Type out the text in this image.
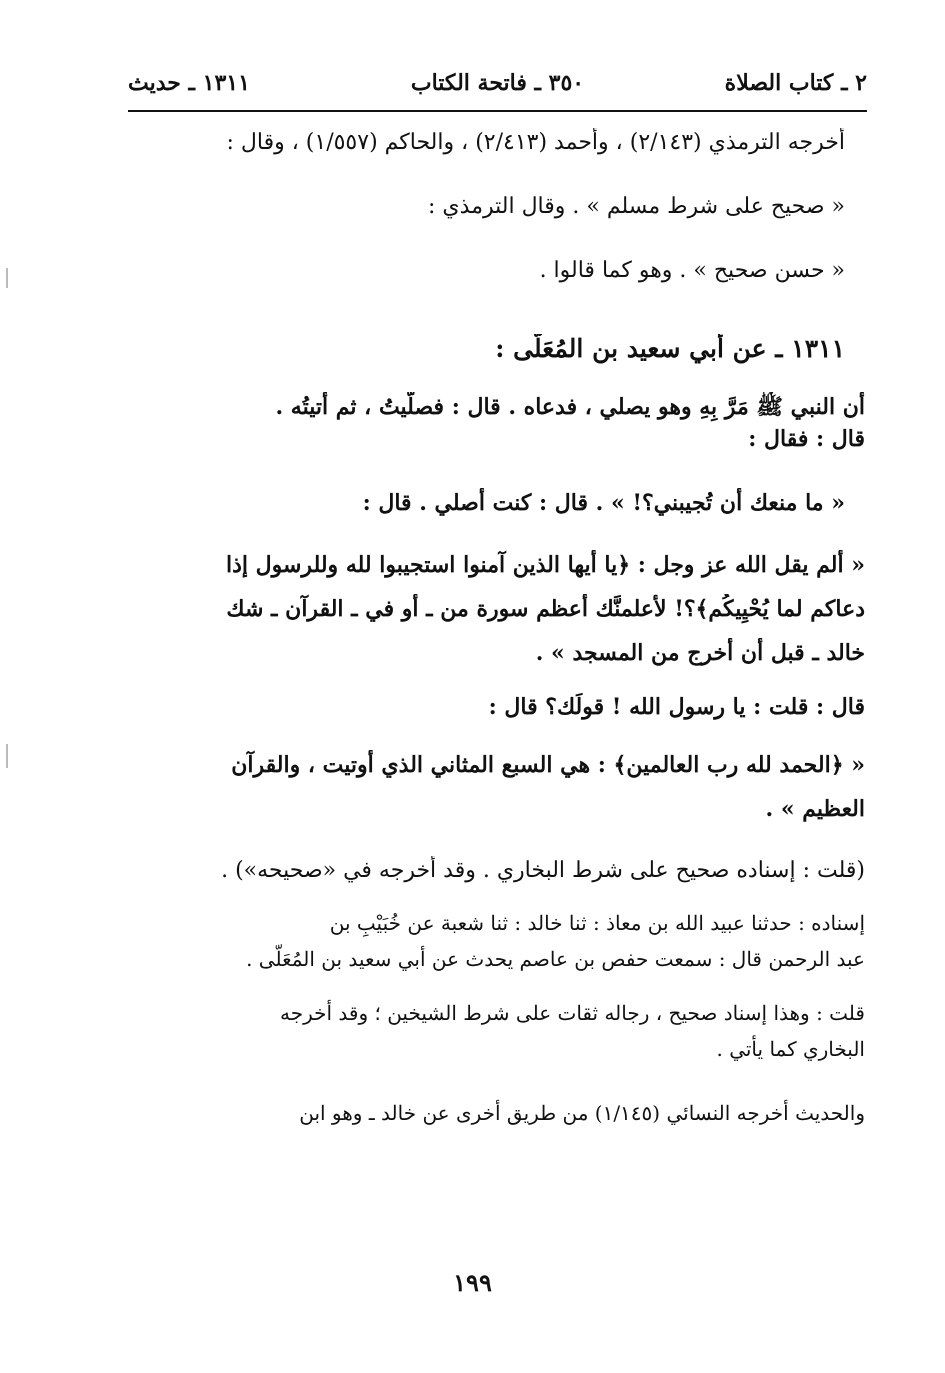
٢ ـ كتاب الصلاة
٣٥٠ ـ فاتحة الكتاب
١٣١١ ـ حديث
أخرجه الترمذي (٢/١٤٣) ، وأحمد (٢/٤١٣) ، والحاكم (١/٥٥٧) ، وقال :
« صحيح على شرط مسلم » . وقال الترمذي :
« حسن صحيح » . وهو كما قالوا .
١٣١١ ـ عن أبي سعيد بن المُعَلَّى :
أن النبي ﷺ مَرَّ بِهِ وهو يصلي ، فدعاه . قال : فصلَّيتُ ، ثم أتيتُه .
قال : فقال :
« ما منعك أن تُجيبني؟! » . قال : كنت أصلي . قال :
« ألم يقل الله عز وجل : ﴿يا أيها الذين آمنوا استجيبوا لله وللرسول إذا
دعاكم لما يُحْيِيكُم﴾؟! لأعلمنَّك أعظم سورة من ـ أو في ـ القرآن ـ شك
خالد ـ قبل أن أخرج من المسجد » .
قال : قلت : يا رسول الله ! قولَك؟ قال :
« ﴿الحمد لله رب العالمين﴾ : هي السبع المثاني الذي أوتيت ، والقرآن
العظيم » .
(قلت : إسناده صحيح على شرط البخاري . وقد أخرجه في «صحيحه») .
إسناده : حدثنا عبيد الله بن معاذ : ثنا خالد : ثنا شعبة عن خُبَيْبِ بن
عبد الرحمن قال : سمعت حفص بن عاصم يحدث عن أبي سعيد بن المُعَلَّى .
قلت : وهذا إسناد صحيح ، رجاله ثقات على شرط الشيخين ؛ وقد أخرجه
البخاري كما يأتي .
والحديث أخرجه النسائي (١/١٤٥) من طريق أخرى عن خالد ـ وهو ابن
١٩٩
